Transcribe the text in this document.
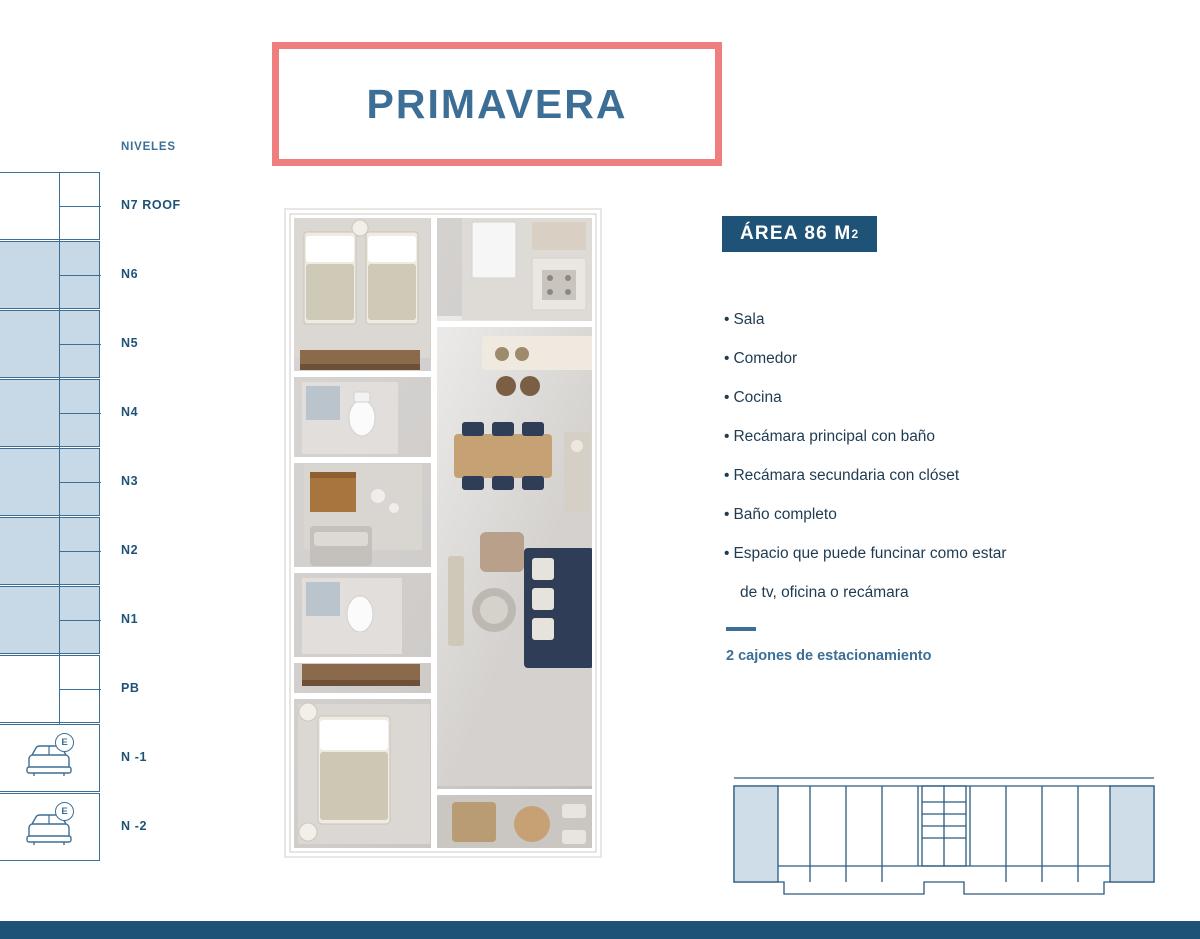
PRIMAVERA
NIVELES
N7 ROOF
N6
N5
N4
N3
N2
N1
PB
E
N -1
E
N -2
ÁREA 86 M 2
• Sala
• Comedor
• Cocina
• Recámara principal con baño
• Recámara secundaria con clóset
• Baño completo
• Espacio que puede funcinar como estar
de tv, oficina o recámara
2 cajones de estacionamiento
